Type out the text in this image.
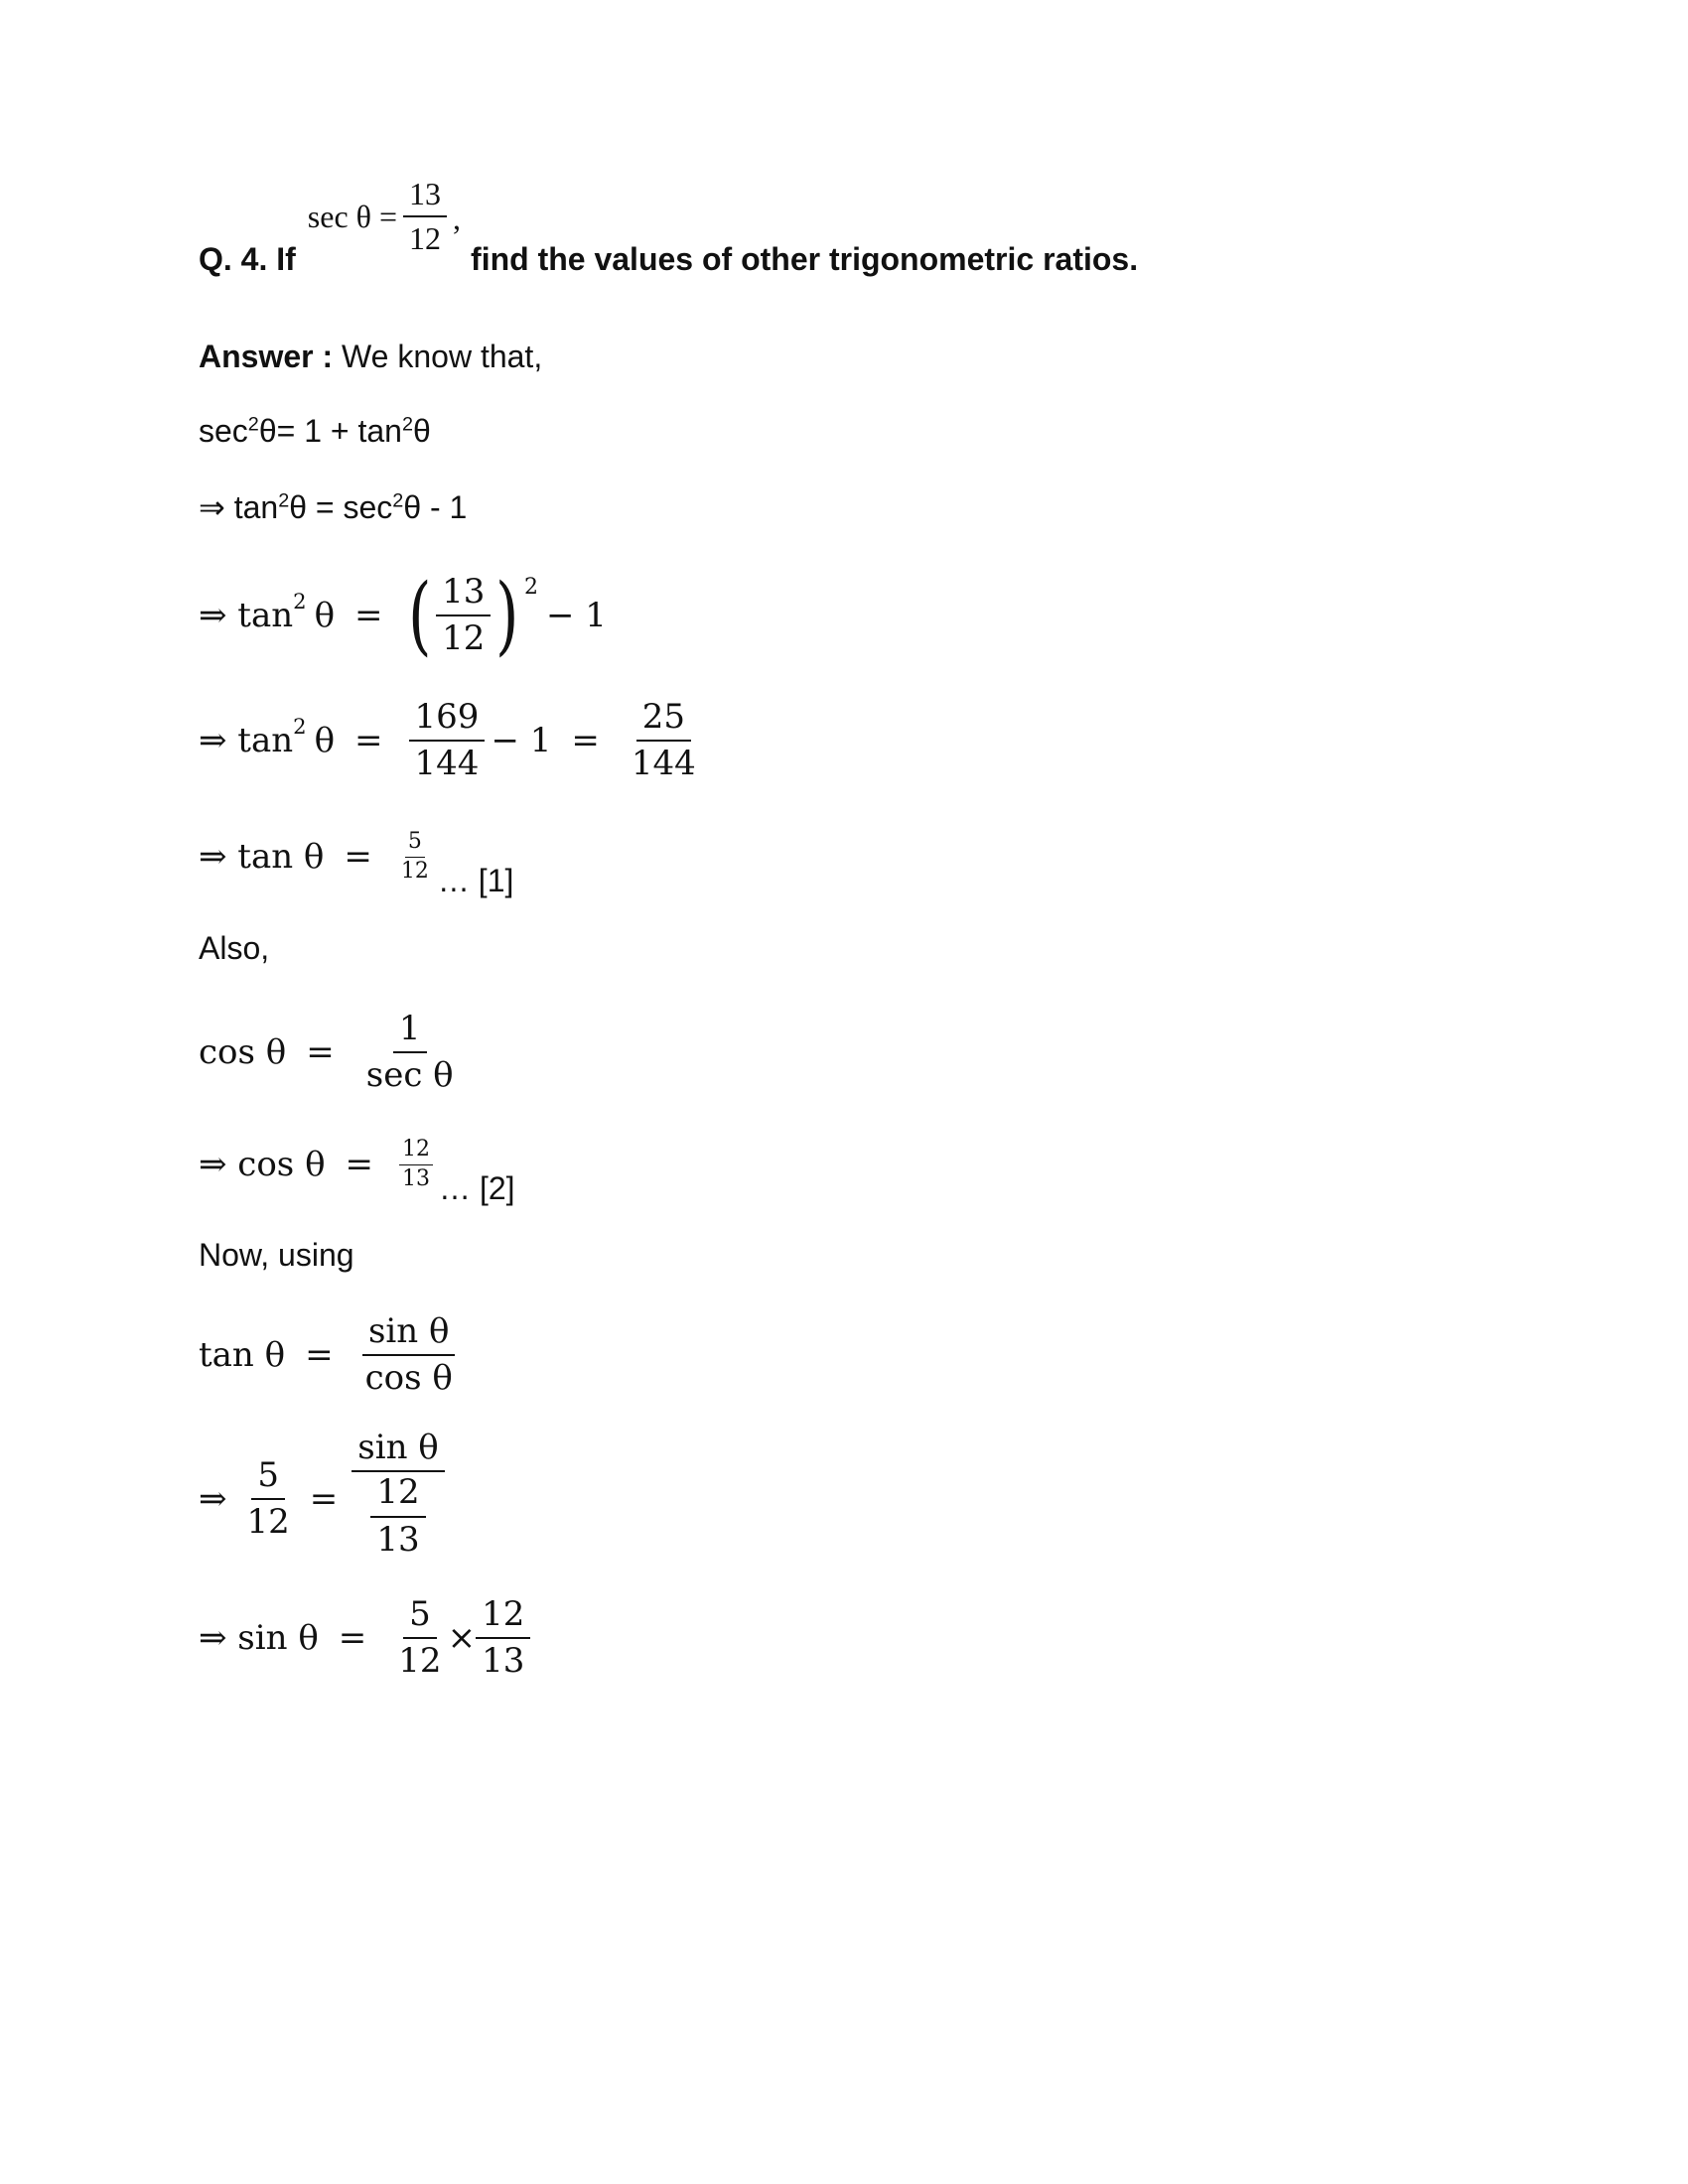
Q. 4. If
$\sec \theta = \frac{13}{12}$ ,
find the values of other trigonometric ratios.
Answer : We know that,
$\sec^2\theta= 1 + \tan^2\theta$
⇒ $\tan^2\theta = \sec^2\theta - 1$
⇒ tan 2 θ = ( $\frac{13}{12}$ ) 2
− 1
⇒ tan 2 $\theta = \frac{169}{144} - 1 = \frac{25}{144}$
⇒ $\tan \theta = \frac{5}{12}$ … [1]
Also,
$\cos \theta = \frac{1}{\text{sec θ}}$
⇒ $\cos \theta = \frac{12}{13}$ … [2]
Now, using
$\tan \theta = \frac{\text{sin θ}}{\text{cos θ}}$
⇒ $\frac{5}{12} = \frac{\text{sin θ}}{\frac{12}{13}}$
⇒ $\sin \theta = \frac{5}{12} \times \frac{12}{13}$
